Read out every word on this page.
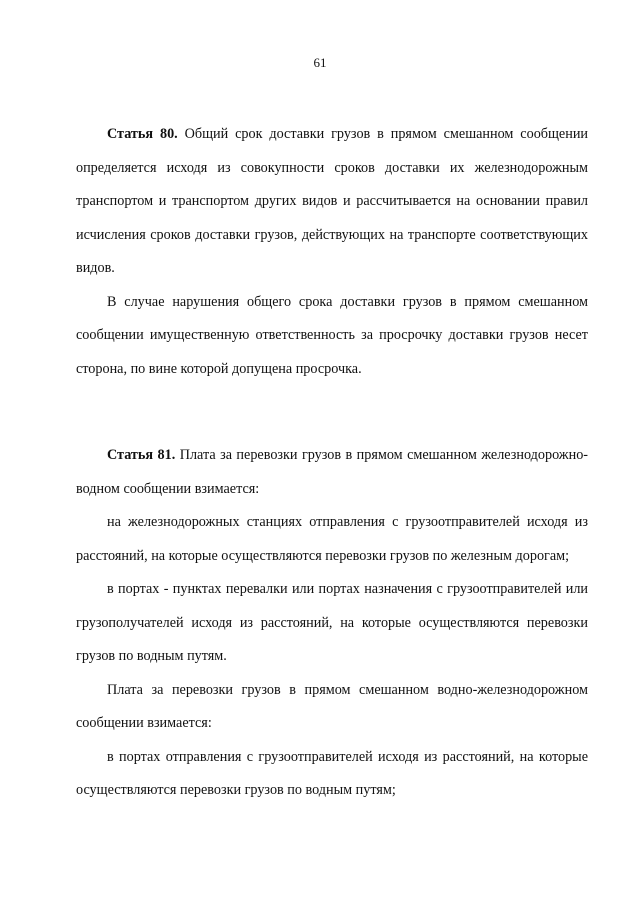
61

Статья 80. Общий срок доставки грузов в прямом смешанном сообщении определяется исходя из совокупности сроков доставки их железнодорожным транспортом и транспортом других видов и рассчитывается на основании правил исчисления сроков доставки грузов, действующих на транспорте соответствующих видов.

В случае нарушения общего срока доставки грузов в прямом смешанном сообщении имущественную ответственность за просрочку доставки грузов несет сторона, по вине которой допущена просрочка.

Статья 81. Плата за перевозки грузов в прямом смешанном железнодорожно-водном сообщении взимается:

на железнодорожных станциях отправления с грузоотправителей исходя из расстояний, на которые осуществляются перевозки грузов по железным дорогам;

в портах - пунктах перевалки или портах назначения с грузоотправителей или грузополучателей исходя из расстояний, на которые осуществляются перевозки грузов по водным путям.

Плата за перевозки грузов в прямом смешанном водно-железнодорожном сообщении взимается:

в портах отправления с грузоотправителей исходя из расстояний, на которые осуществляются перевозки грузов по водным путям;
